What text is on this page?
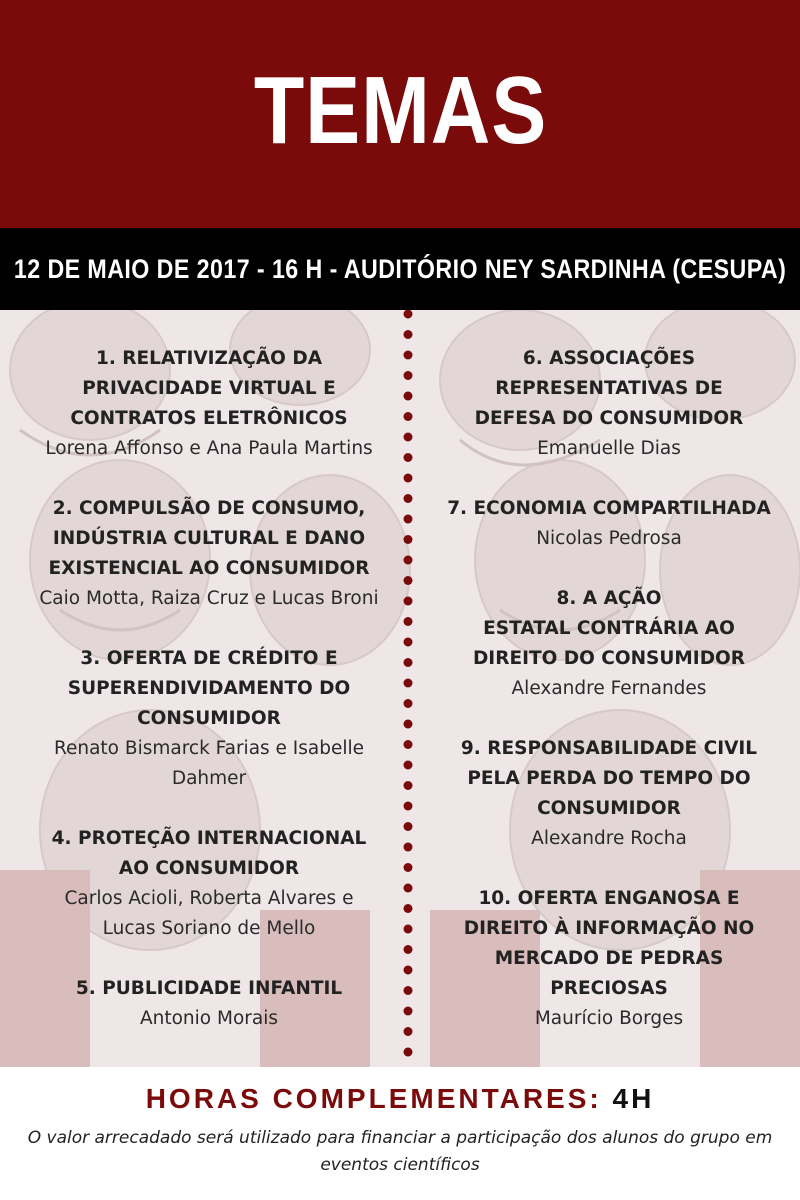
TEMAS
12 DE MAIO DE 2017 - 16 H - AUDITÓRIO NEY SARDINHA (CESUPA)
1. RELATIVIZAÇÃO DA
PRIVACIDADE VIRTUAL E
CONTRATOS ELETRÔNICOS
Lorena Affonso e Ana Paula Martins
2. COMPULSÃO DE CONSUMO,
INDÚSTRIA CULTURAL E DANO
EXISTENCIAL AO CONSUMIDOR
Caio Motta, Raiza Cruz e Lucas Broni
3. OFERTA DE CRÉDITO E
SUPERENDIVIDAMENTO DO
CONSUMIDOR
Renato Bismarck Farias e Isabelle
Dahmer
4. PROTEÇÃO INTERNACIONAL
AO CONSUMIDOR
Carlos Acioli, Roberta Alvares e
Lucas Soriano de Mello
5. PUBLICIDADE INFANTIL
Antonio Morais
6. ASSOCIAÇÕES
REPRESENTATIVAS DE
DEFESA DO CONSUMIDOR
Emanuelle Dias
7. ECONOMIA COMPARTILHADA
Nicolas Pedrosa
8. A AÇÃO
ESTATAL CONTRÁRIA AO
DIREITO DO CONSUMIDOR
Alexandre Fernandes
9. RESPONSABILIDADE CIVIL
PELA PERDA DO TEMPO DO
CONSUMIDOR
Alexandre Rocha
10. OFERTA ENGANOSA E
DIREITO À INFORMAÇÃO NO
MERCADO DE PEDRAS
PRECIOSAS
Maurício Borges
HORAS COMPLEMENTARES: 4H
O valor arrecadado será utilizado para financiar a participação dos alunos do grupo em eventos científicos
